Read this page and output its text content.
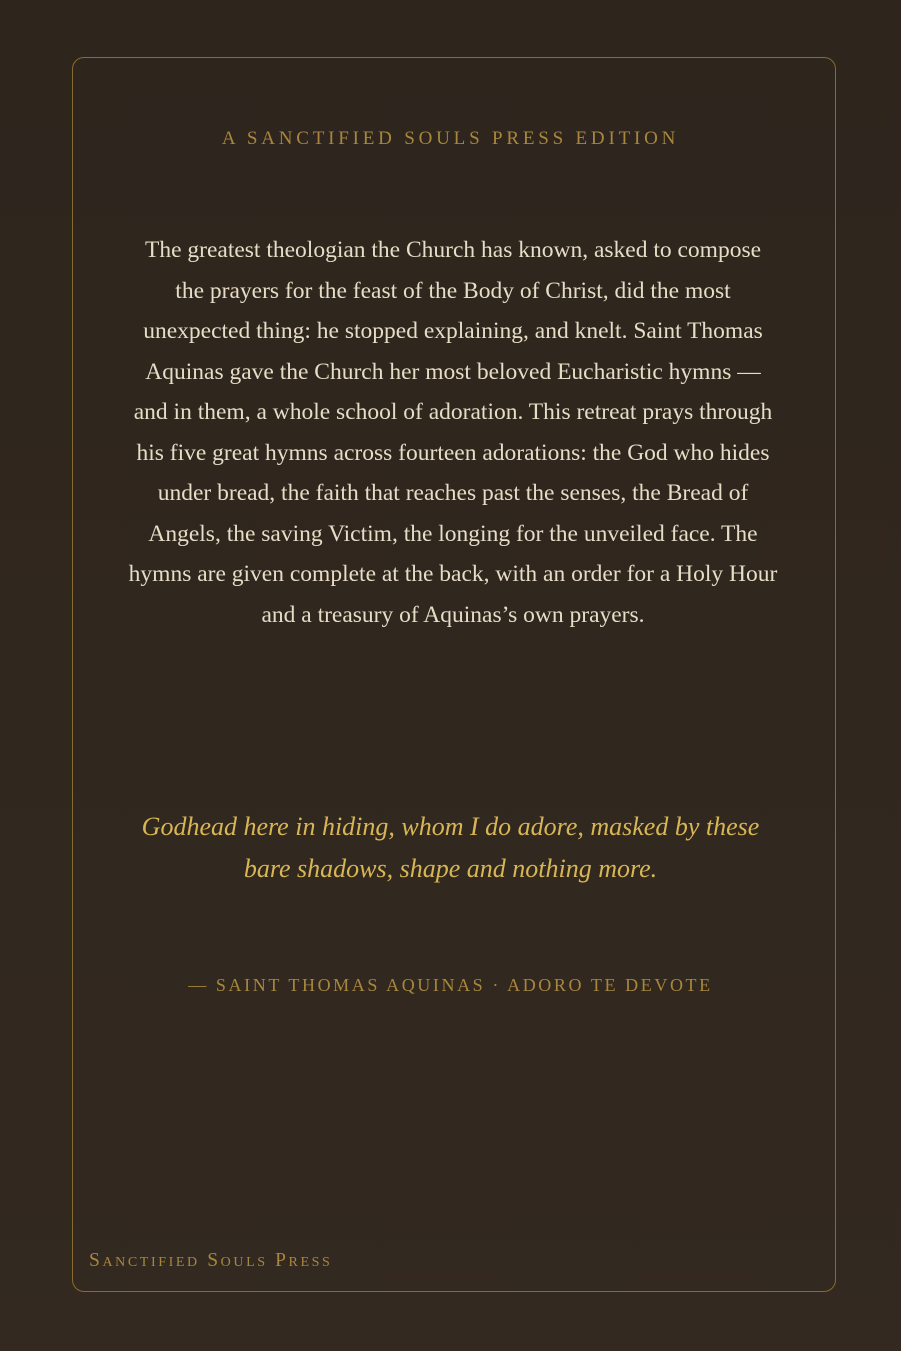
A SANCTIFIED SOULS PRESS EDITION
The greatest theologian the Church has known, asked to compose the prayers for the feast of the Body of Christ, did the most unexpected thing: he stopped explaining, and knelt. Saint Thomas Aquinas gave the Church her most beloved Eucharistic hymns — and in them, a whole school of adoration. This retreat prays through his five great hymns across fourteen adorations: the God who hides under bread, the faith that reaches past the senses, the Bread of Angels, the saving Victim, the longing for the unveiled face. The hymns are given complete at the back, with an order for a Holy Hour and a treasury of Aquinas’s own prayers.
Godhead here in hiding, whom I do adore, masked by these bare shadows, shape and nothing more.
— SAINT THOMAS AQUINAS · ADORO TE DEVOTE
Sanctified Souls Press
